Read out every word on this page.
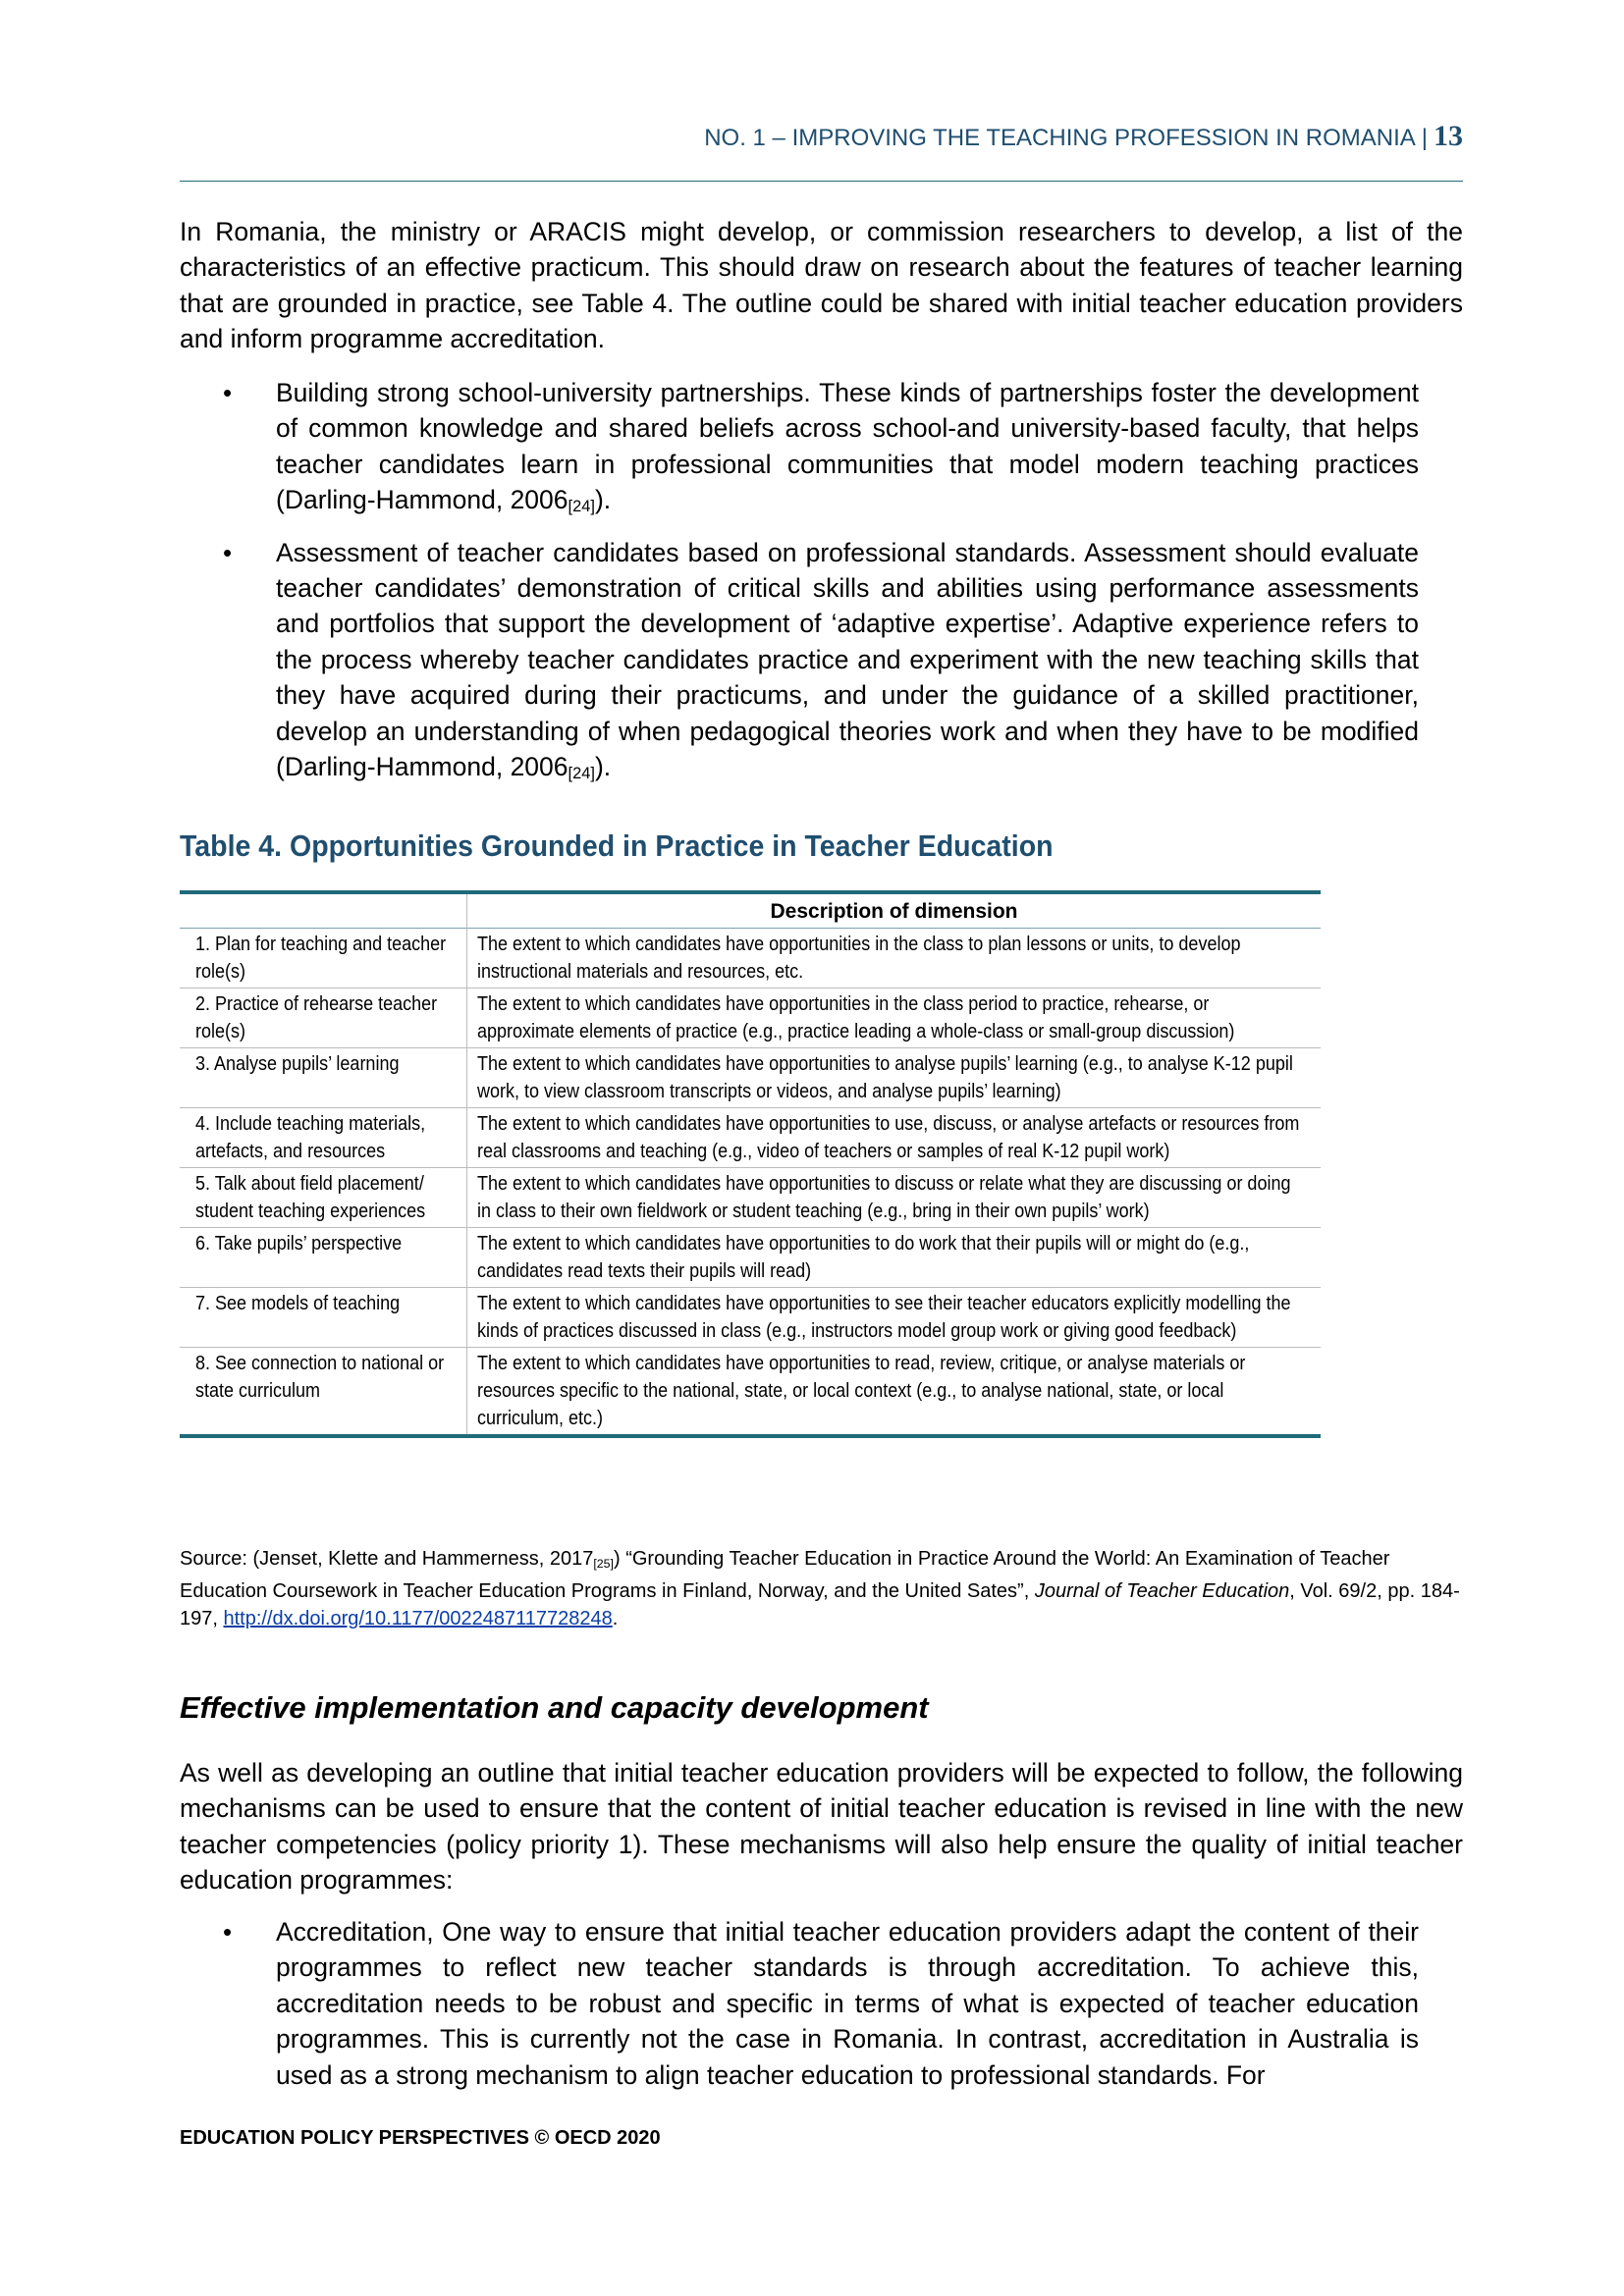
NO. 1 – IMPROVING THE TEACHING PROFESSION IN ROMANIA | 13

In Romania, the ministry or ARACIS might develop, or commission researchers to develop, a list of the characteristics of an effective practicum. This should draw on research about the features of teacher learning that are grounded in practice, see Table 4. The outline could be shared with initial teacher education providers and inform programme accreditation.

• Building strong school-university partnerships. These kinds of partnerships foster the development of common knowledge and shared beliefs across school-and university-based faculty, that helps teacher candidates learn in professional communities that model modern teaching practices (Darling-Hammond, $2006_{[24]}$).
• Assessment of teacher candidates based on professional standards. Assessment should evaluate teacher candidates’ demonstration of critical skills and abilities using performance assessments and portfolios that support the development of ‘adaptive expertise’. Adaptive experience refers to the process whereby teacher candidates practice and experiment with the new teaching skills that they have acquired during their practicums, and under the guidance of a skilled practitioner, develop an understanding of when pedagogical theories work and when they have to be modified (Darling-Hammond, $2006_{[24]}$).
Table 4. Opportunities Grounded in Practice in Teacher Education
	Description of dimension
1. Plan for teaching and teacher role(s)	The extent to which candidates have opportunities in the class to plan lessons or units, to develop instructional materials and resources, etc.
2. Practice of rehearse teacher role(s)	The extent to which candidates have opportunities in the class period to practice, rehearse, or approximate elements of practice (e.g., practice leading a whole-class or small-group discussion)
3. Analyse pupils’ learning	The extent to which candidates have opportunities to analyse pupils’ learning (e.g., to analyse K-12 pupil work, to view classroom transcripts or videos, and analyse pupils’ learning)
4. Include teaching materials, artefacts, and resources	The extent to which candidates have opportunities to use, discuss, or analyse artefacts or resources from real classrooms and teaching (e.g., video of teachers or samples of real K-12 pupil work)
5. Talk about field placement/ student teaching experiences	The extent to which candidates have opportunities to discuss or relate what they are discussing or doing in class to their own fieldwork or student teaching (e.g., bring in their own pupils’ work)
6. Take pupils’ perspective	The extent to which candidates have opportunities to do work that their pupils will or might do (e.g., candidates read texts their pupils will read)
7. See models of teaching	The extent to which candidates have opportunities to see their teacher educators explicitly modelling the kinds of practices discussed in class (e.g., instructors model group work or giving good feedback)
8. See connection to national or state curriculum	The extent to which candidates have opportunities to read, review, critique, or analyse materials or resources specific to the national, state, or local context (e.g., to analyse national, state, or local curriculum, etc.)

Source: (Jenset, Klette and Hammerness, $2017_{[25]}$) “Grounding Teacher Education in Practice Around the World: An Examination of Teacher Education Coursework in Teacher Education Programs in Finland, Norway, and the United Sates”, Journal of Teacher Education, Vol. 69/2, pp. 184-197, http://dx.doi.org/10.1177/0022487117728248.

Effective implementation and capacity development

As well as developing an outline that initial teacher education providers will be expected to follow, the following mechanisms can be used to ensure that the content of initial teacher education is revised in line with the new teacher competencies (policy priority 1). These mechanisms will also help ensure the quality of initial teacher education programmes:

• Accreditation, One way to ensure that initial teacher education providers adapt the content of their programmes to reflect new teacher standards is through accreditation. To achieve this, accreditation needs to be robust and specific in terms of what is expected of teacher education programmes. This is currently not the case in Romania. In contrast, accreditation in Australia is used as a strong mechanism to align teacher education to professional standards. For

EDUCATION POLICY PERSPECTIVES © OECD 2020
